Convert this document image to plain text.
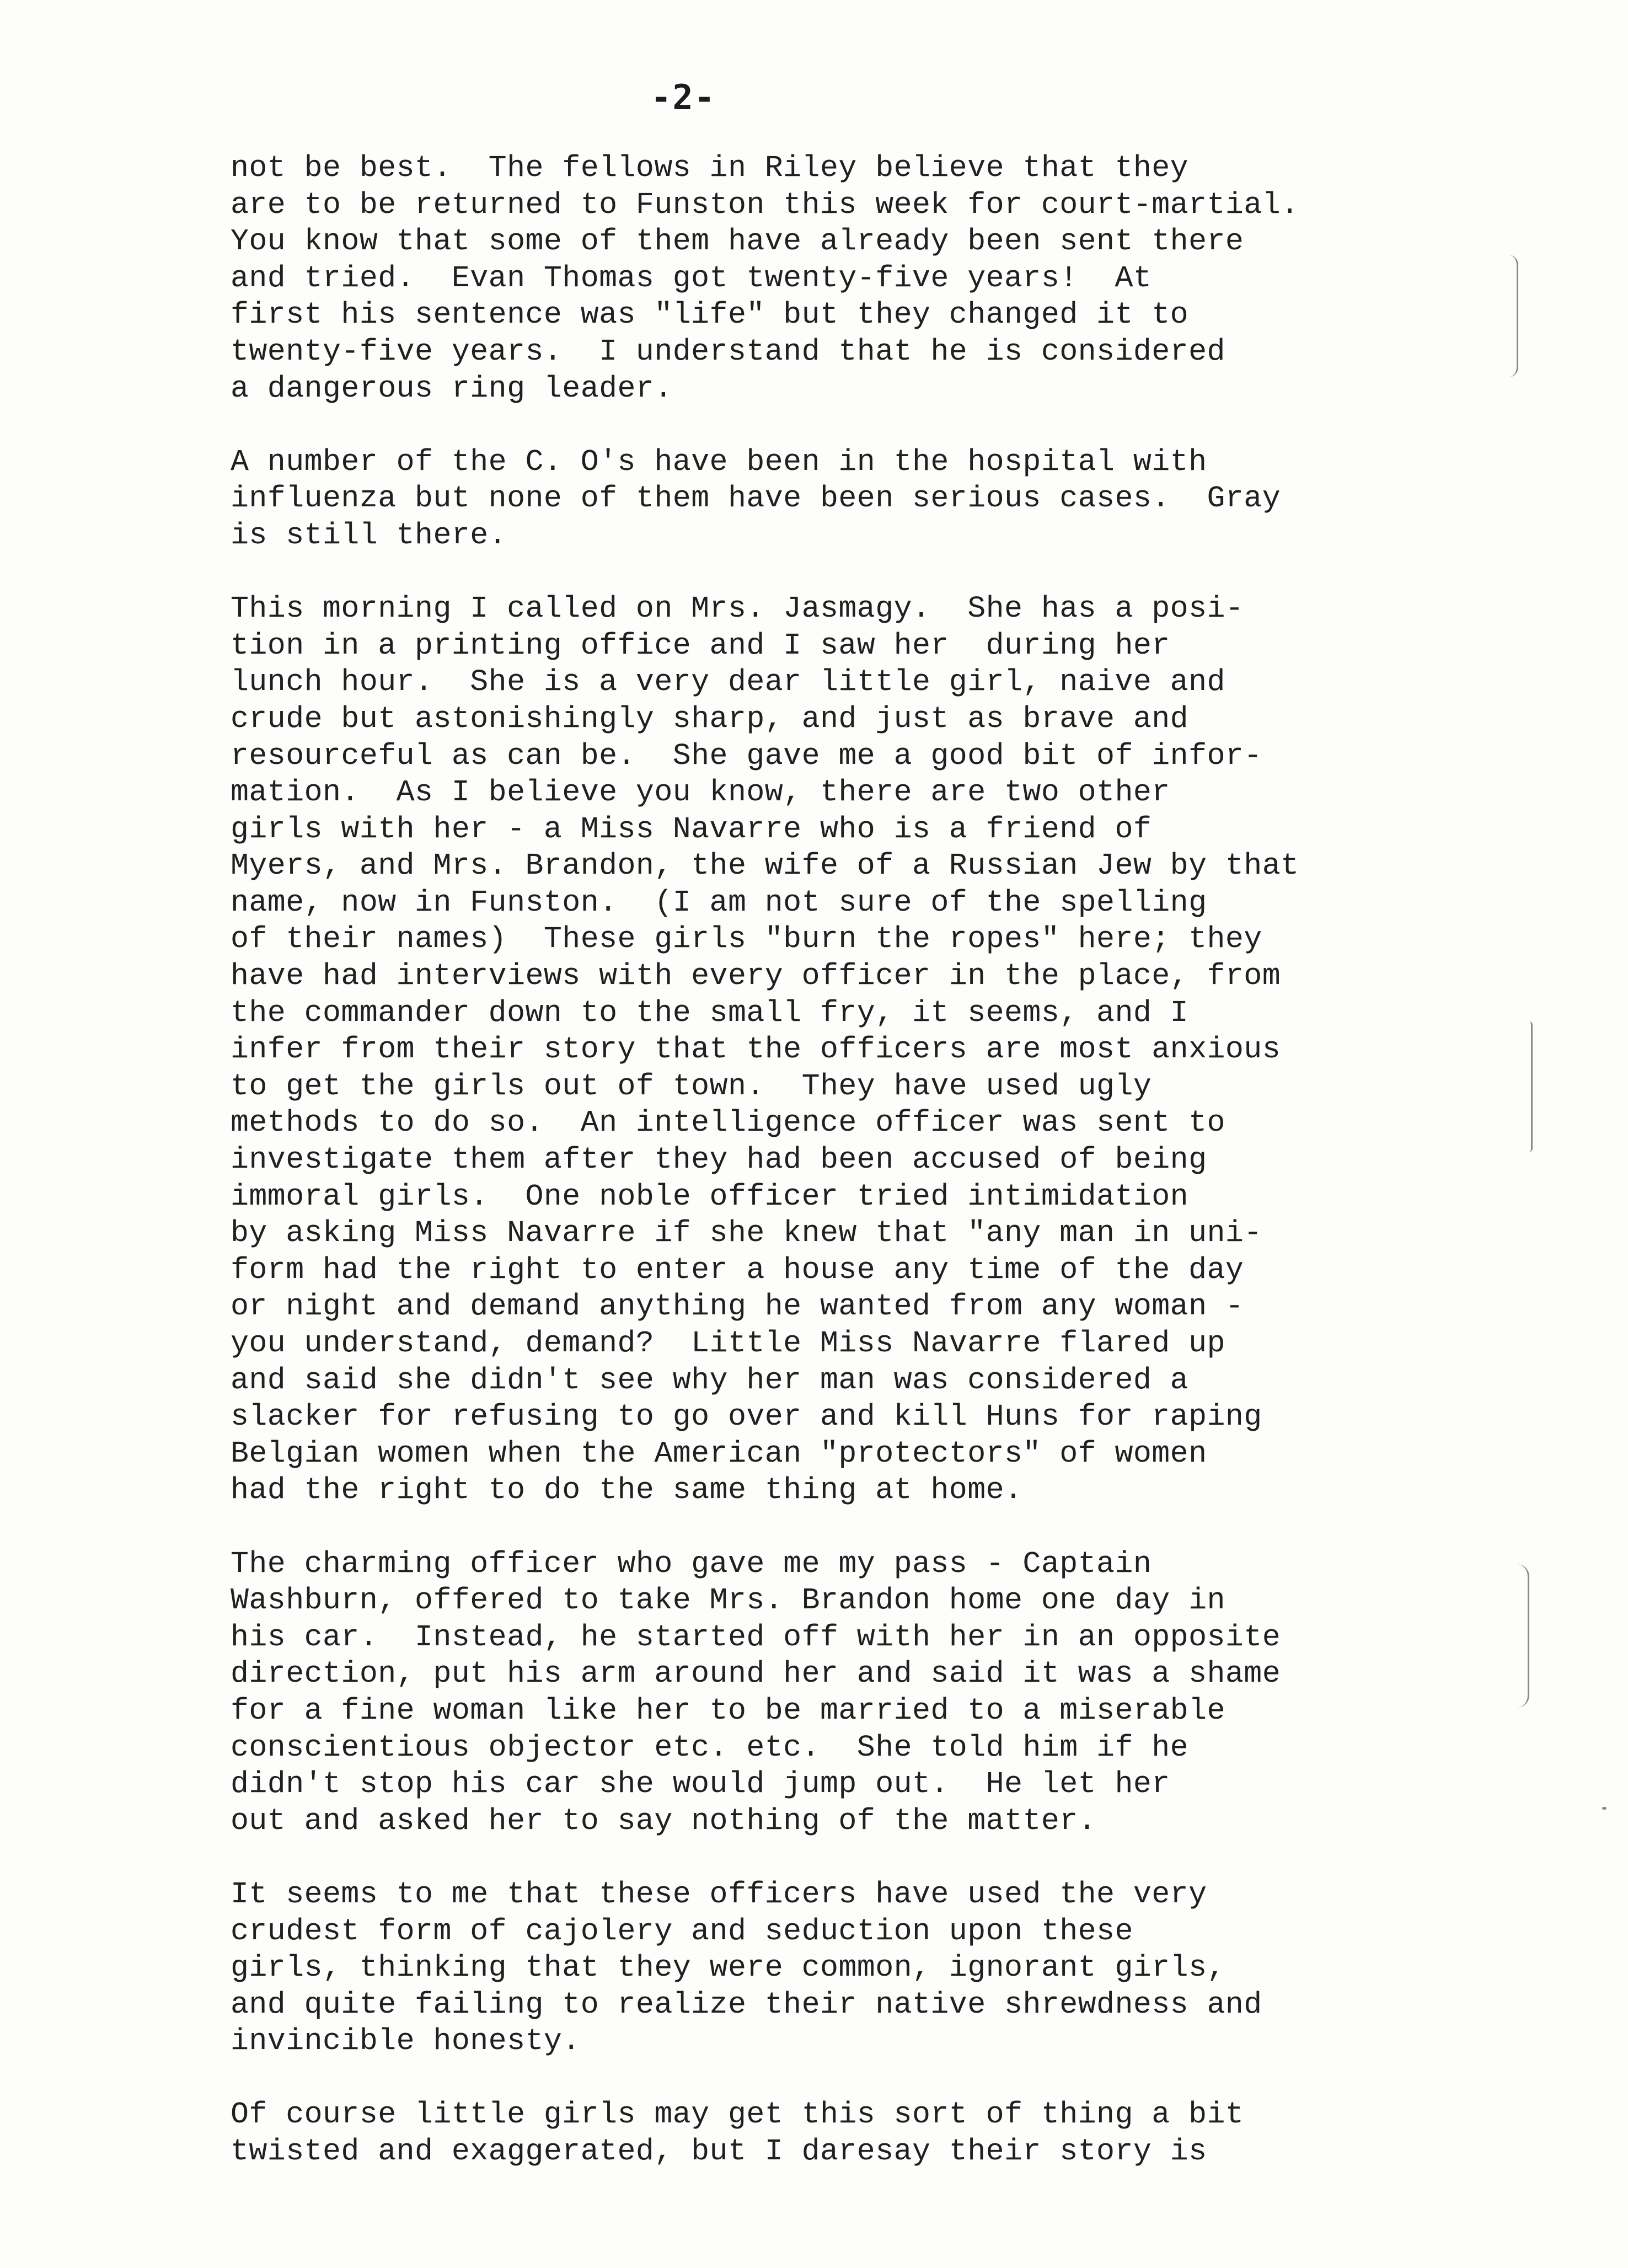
-2-
not be best.  The fellows in Riley believe that they
are to be returned to Funston this week for court-martial.
You know that some of them have already been sent there
and tried.  Evan Thomas got twenty-five years!  At
first his sentence was "life" but they changed it to
twenty-five years.  I understand that he is considered
a dangerous ring leader.
A number of the C. O's have been in the hospital with
influenza but none of them have been serious cases.  Gray
is still there.
This morning I called on Mrs. Jasmagy.  She has a posi-
tion in a printing office and I saw her  during her
lunch hour.  She is a very dear little girl, naive and
crude but astonishingly sharp, and just as brave and
resourceful as can be.  She gave me a good bit of infor-
mation.  As I believe you know, there are two other
girls with her - a Miss Navarre who is a friend of
Myers, and Mrs. Brandon, the wife of a Russian Jew by that
name, now in Funston.  (I am not sure of the spelling
of their names)  These girls "burn the ropes" here; they
have had interviews with every officer in the place, from
the commander down to the small fry, it seems, and I
infer from their story that the officers are most anxious
to get the girls out of town.  They have used ugly
methods to do so.  An intelligence officer was sent to
investigate them after they had been accused of being
immoral girls.  One noble officer tried intimidation
by asking Miss Navarre if she knew that "any man in uni-
form had the right to enter a house any time of the day
or night and demand anything he wanted from any woman -
you understand, demand?  Little Miss Navarre flared up
and said she didn't see why her man was considered a
slacker for refusing to go over and kill Huns for raping
Belgian women when the American "protectors" of women
had the right to do the same thing at home.
The charming officer who gave me my pass - Captain
Washburn, offered to take Mrs. Brandon home one day in
his car.  Instead, he started off with her in an opposite
direction, put his arm around her and said it was a shame
for a fine woman like her to be married to a miserable
conscientious objector etc. etc.  She told him if he
didn't stop his car she would jump out.  He let her
out and asked her to say nothing of the matter.
It seems to me that these officers have used the very
crudest form of cajolery and seduction upon these
girls, thinking that they were common, ignorant girls,
and quite failing to realize their native shrewdness and
invincible honesty.
Of course little girls may get this sort of thing a bit
twisted and exaggerated, but I daresay their story is
